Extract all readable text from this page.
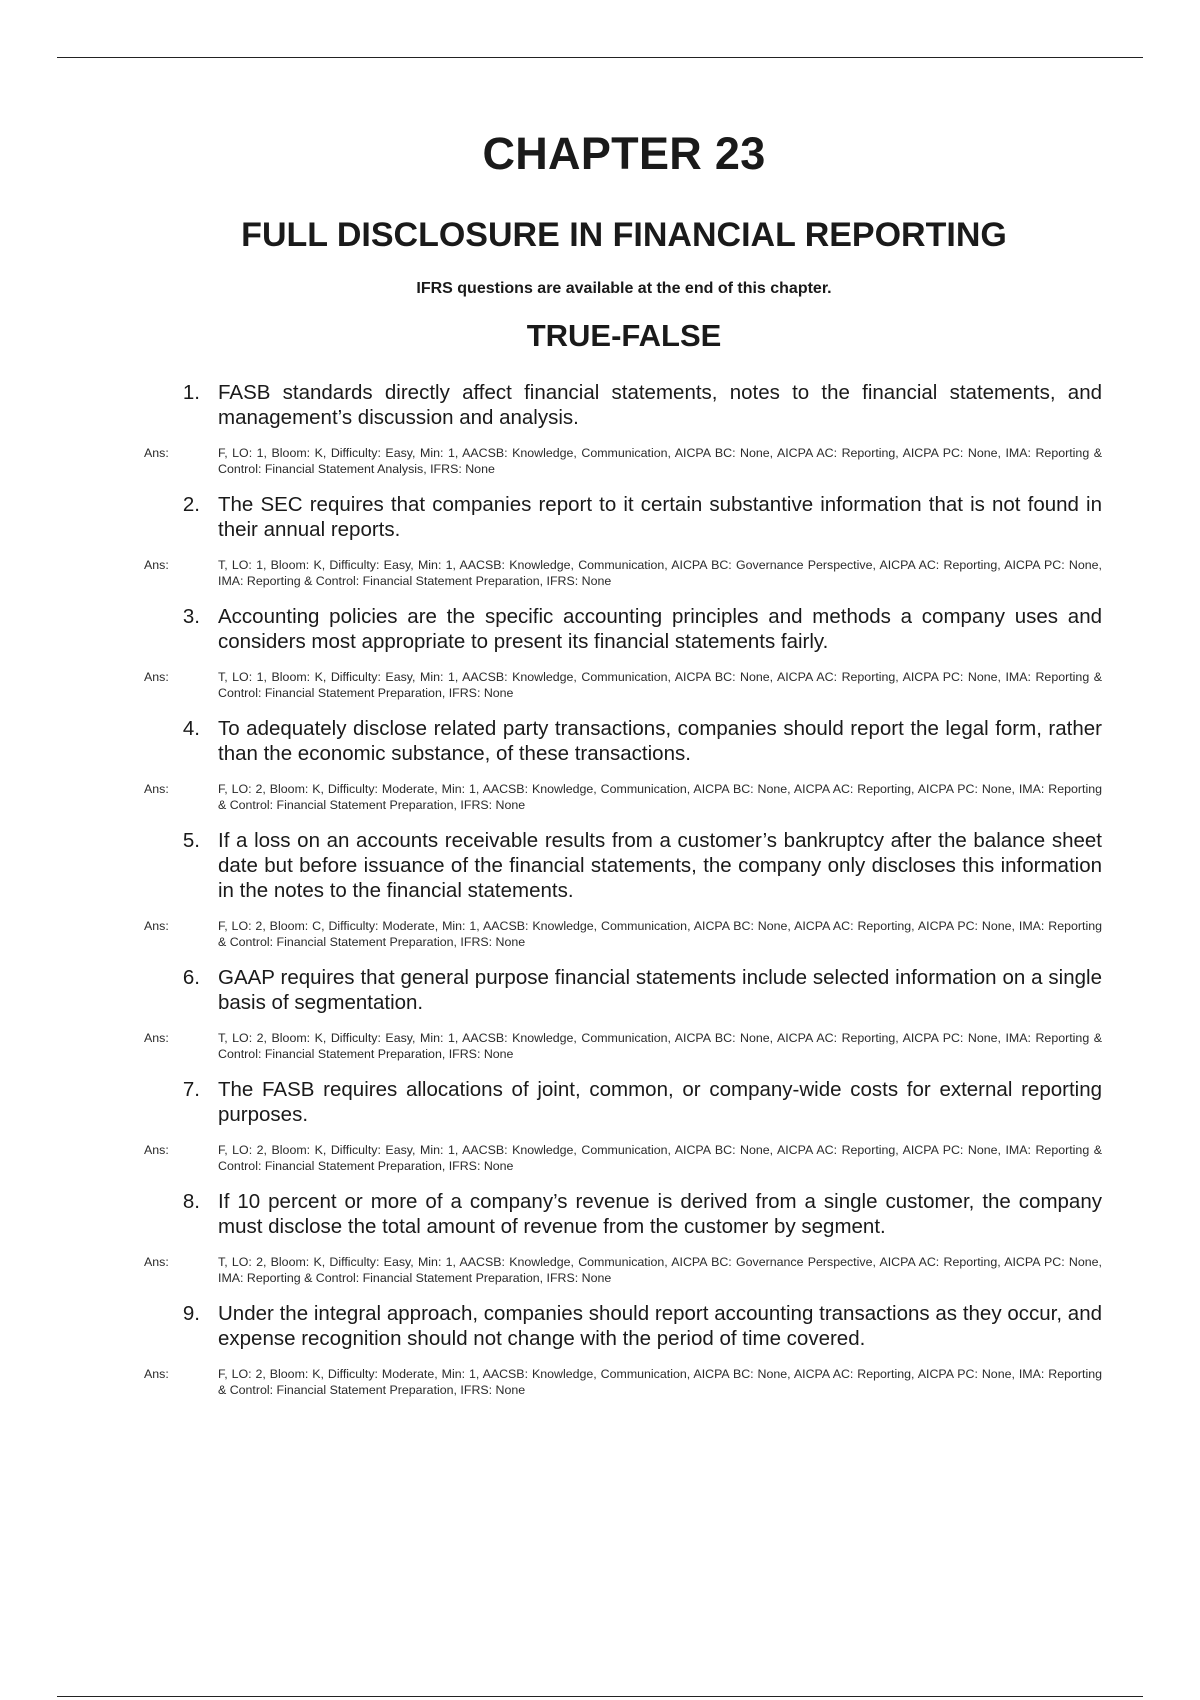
CHAPTER 23
FULL DISCLOSURE IN FINANCIAL REPORTING
IFRS questions are available at the end of this chapter.
TRUE-FALSE
1. FASB standards directly affect financial statements, notes to the financial statements, and management’s discussion and analysis.
Ans:	F, LO: 1, Bloom: K, Difficulty: Easy, Min: 1, AACSB: Knowledge, Communication, AICPA BC: None, AICPA AC: Reporting, AICPA PC: None, IMA: Reporting & Control: Financial Statement Analysis, IFRS: None
2. The SEC requires that companies report to it certain substantive information that is not found in their annual reports.
Ans:	T, LO: 1, Bloom: K, Difficulty: Easy, Min: 1, AACSB: Knowledge, Communication, AICPA BC: Governance Perspective, AICPA AC: Reporting, AICPA PC: None, IMA: Reporting & Control: Financial Statement Preparation, IFRS: None
3. Accounting policies are the specific accounting principles and methods a company uses and considers most appropriate to present its financial statements fairly.
Ans:	T, LO: 1, Bloom: K, Difficulty: Easy, Min: 1, AACSB: Knowledge, Communication, AICPA BC: None, AICPA AC: Reporting, AICPA PC: None, IMA: Reporting & Control: Financial Statement Preparation, IFRS: None
4. To adequately disclose related party transactions, companies should report the legal form, rather than the economic substance, of these transactions.
Ans:	F, LO: 2, Bloom: K, Difficulty: Moderate, Min: 1, AACSB: Knowledge, Communication, AICPA BC: None, AICPA AC: Reporting, AICPA PC: None, IMA: Reporting & Control: Financial Statement Preparation, IFRS: None
5. If a loss on an accounts receivable results from a customer’s bankruptcy after the balance sheet date but before issuance of the financial statements, the company only discloses this information in the notes to the financial statements.
Ans:	F, LO: 2, Bloom: C, Difficulty: Moderate, Min: 1, AACSB: Knowledge, Communication, AICPA BC: None, AICPA AC: Reporting, AICPA PC: None, IMA: Reporting & Control: Financial Statement Preparation, IFRS: None
6. GAAP requires that general purpose financial statements include selected information on a single basis of segmentation.
Ans:	T, LO: 2, Bloom: K, Difficulty: Easy, Min: 1, AACSB: Knowledge, Communication, AICPA BC: None, AICPA AC: Reporting, AICPA PC: None, IMA: Reporting & Control: Financial Statement Preparation, IFRS: None
7. The FASB requires allocations of joint, common, or company-wide costs for external reporting purposes.
Ans:	F, LO: 2, Bloom: K, Difficulty: Easy, Min: 1, AACSB: Knowledge, Communication, AICPA BC: None, AICPA AC: Reporting, AICPA PC: None, IMA: Reporting & Control: Financial Statement Preparation, IFRS: None
8. If 10 percent or more of a company’s revenue is derived from a single customer, the company must disclose the total amount of revenue from the customer by segment.
Ans:	T, LO: 2, Bloom: K, Difficulty: Easy, Min: 1, AACSB: Knowledge, Communication, AICPA BC: Governance Perspective, AICPA AC: Reporting, AICPA PC: None, IMA: Reporting & Control: Financial Statement Preparation, IFRS: None
9. Under the integral approach, companies should report accounting transactions as they occur, and expense recognition should not change with the period of time covered.
Ans:	F, LO: 2, Bloom: K, Difficulty: Moderate, Min: 1, AACSB: Knowledge, Communication, AICPA BC: None, AICPA AC: Reporting, AICPA PC: None, IMA: Reporting & Control: Financial Statement Preparation, IFRS: None
